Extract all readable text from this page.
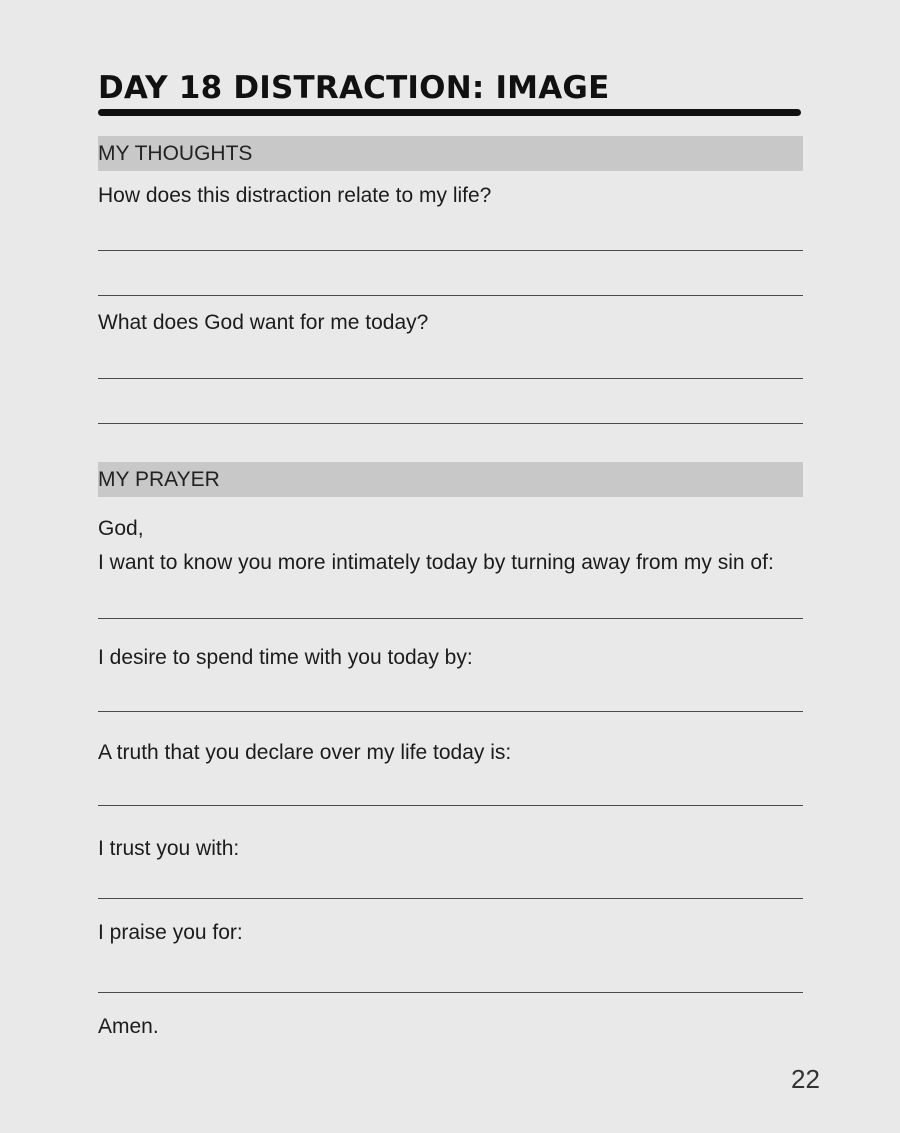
DAY 18 DISTRACTION: IMAGE
MY THOUGHTS
How does this distraction relate to my life?
What does God want for me today?
MY PRAYER
God,
I want to know you more intimately today by turning away from my sin of:
I desire to spend time with you today by:
A truth that you declare over my life today is:
I trust you with:
I praise you for:
Amen.
22
